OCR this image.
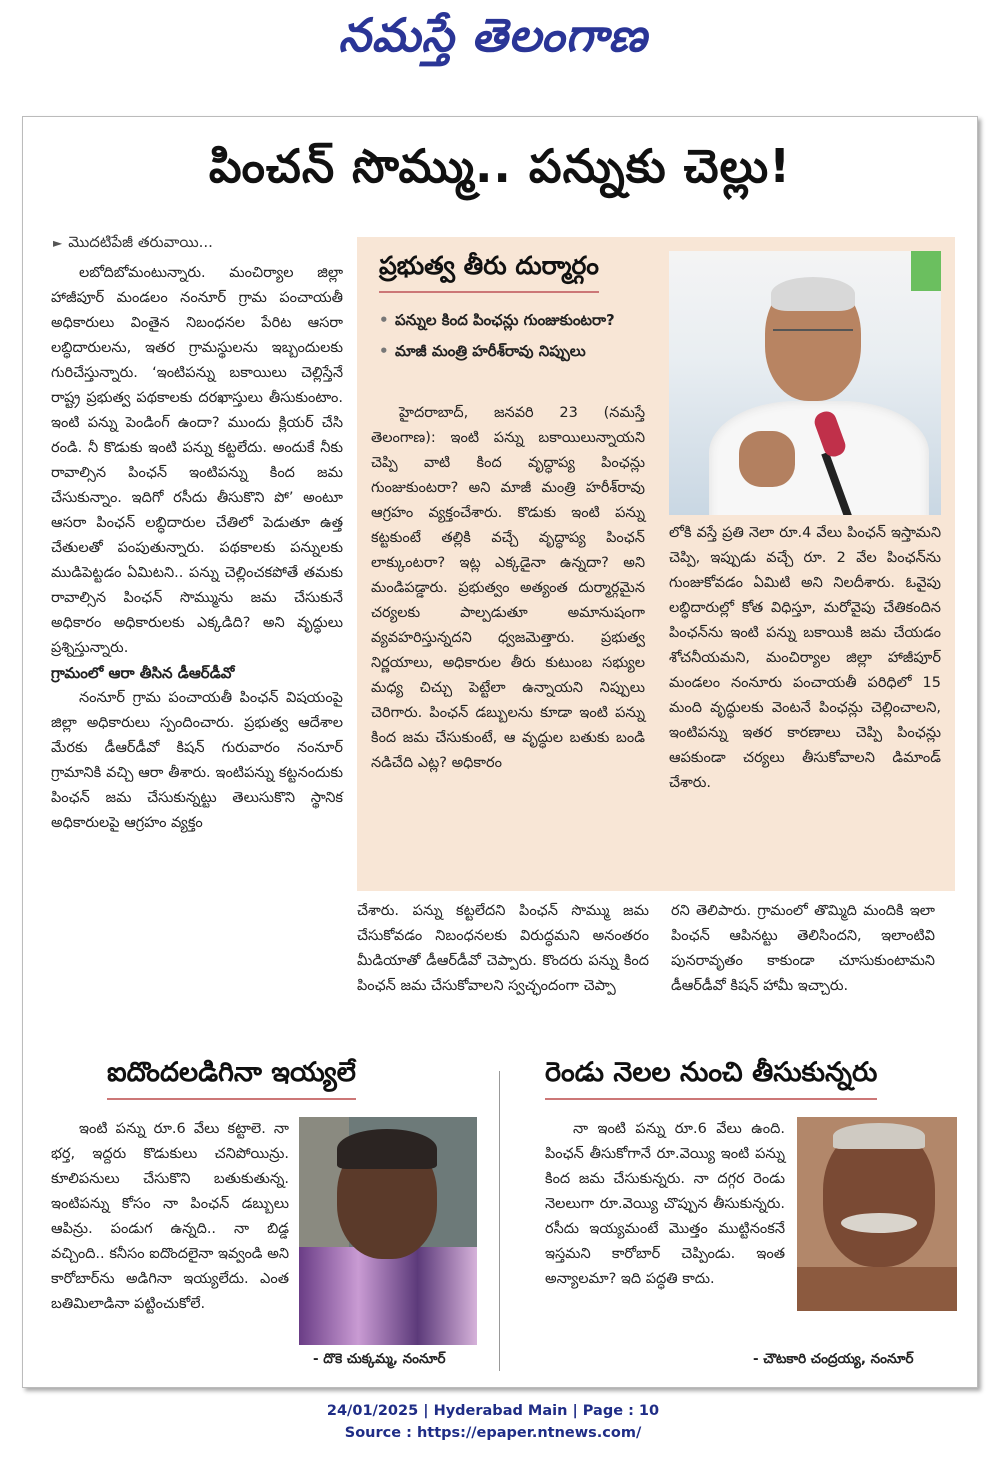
నమస్తే తెలంగాణ
పించన్ సొమ్ము.. పన్నుకు చెల్లు!
► మొదటిపేజీ తరువాయి...

లబోదిబోమంటున్నారు. మంచిర్యాల జిల్లా హాజీపూర్ మండలం నంనూర్ గ్రామ పంచాయతీ అధికారులు వింతైన నిబంధనల పేరిట ఆసరా లబ్ధిదారులను, ఇతర గ్రామస్థులను ఇబ్బందులకు గురిచేస్తున్నారు. ‘ఇంటిపన్ను బకాయిలు చెల్లిస్తేనే రాష్ట్ర ప్రభుత్వ పథకాలకు దరఖాస్తులు తీసుకుంటాం. ఇంటి పన్ను పెండింగ్ ఉందా? ముందు క్లియర్ చేసి రండి. నీ కొడుకు ఇంటి పన్ను కట్టలేదు. అందుకే నీకు రావాల్సిన పింఛన్ ఇంటిపన్ను కింద జమ చేసుకున్నాం. ఇదిగో రసీదు తీసుకొని పో’ అంటూ ఆసరా పింఛన్ లబ్ధిదారుల చేతిలో పెడుతూ ఉత్త చేతులతో పంపుతున్నారు. పథకాలకు పన్నులకు ముడిపెట్టడం ఏమిటని.. పన్ను చెల్లించకపోతే తమకు రావాల్సిన పింఛన్ సొమ్మును జమ చేసుకునే అధికారం అధికారులకు ఎక్కడిది? అని వృద్ధులు ప్రశ్నిస్తున్నారు.

గ్రామంలో ఆరా తీసిన డీఆర్‌డీవో

నంనూర్ గ్రామ పంచాయతీ పింఛన్ విషయంపై జిల్లా అధికారులు స్పందించారు. ప్రభుత్వ ఆదేశాల మేరకు డీఆర్‌డీవో కిషన్ గురువారం నంనూర్ గ్రామానికి వచ్చి ఆరా తీశారు. ఇంటిపన్ను కట్టనందుకు పింఛన్ జమ చేసుకున్నట్టు తెలుసుకొని స్థానిక అధికారులపై ఆగ్రహం వ్యక్తం

ప్రభుత్వ తీరు దుర్మార్గం
• పన్నుల కింద పింఛన్లు గుంజుకుంటరా?
• మాజీ మంత్రి హరీశ్‌రావు నిప్పులు

హైదరాబాద్, జనవరి 23 (నమస్తే తెలంగాణ): ఇంటి పన్ను బకాయిలున్నాయని చెప్పి వాటి కింద వృద్ధాప్య పింఛన్లు గుంజుకుంటరా? అని మాజీ మంత్రి హరీశ్‌రావు ఆగ్రహం వ్యక్తంచేశారు. కొడుకు ఇంటి పన్ను కట్టకుంటే తల్లికి వచ్చే వృద్ధాప్య పింఛన్ లాక్కుంటరా? ఇట్ల ఎక్కడైనా ఉన్నదా? అని మండిపడ్డారు. ప్రభుత్వం అత్యంత దుర్మార్గమైన చర్యలకు పాల్పడుతూ అమానుషంగా వ్యవహరిస్తున్నదని ధ్వజమెత్తారు. ప్రభుత్వ నిర్ణయాలు, అధికారుల తీరు కుటుంబ సభ్యుల మధ్య చిచ్చు పెట్టేలా ఉన్నాయని నిప్పులు చెరిగారు. పింఛన్ డబ్బులను కూడా ఇంటి పన్ను కింద జమ చేసుకుంటే, ఆ వృద్ధుల బతుకు బండి నడిచేది ఎట్ల? అధికారం

లోకి వస్తే ప్రతి నెలా రూ.4 వేలు పింఛన్ ఇస్తామని చెప్పి, ఇప్పుడు వచ్చే రూ. 2 వేల పింఛన్‌ను గుంజుకోవడం ఏమిటి అని నిలదీశారు. ఓవైపు లబ్ధిదారుల్లో కోత విధిస్తూ, మరోవైపు చేతికందిన పింఛన్‌ను ఇంటి పన్ను బకాయికి జమ చేయడం శోచనీయమని, మంచిర్యాల జిల్లా హాజీపూర్ మండలం నంనూరు పంచాయతీ పరిధిలో 15 మంది వృద్ధులకు వెంటనే పింఛన్లు చెల్లించాలని, ఇంటిపన్ను ఇతర కారణాలు చెప్పి పింఛన్లు ఆపకుండా చర్యలు తీసుకోవాలని డిమాండ్ చేశారు.

చేశారు. పన్ను కట్టలేదని పింఛన్ సొమ్ము జమ చేసుకోవడం నిబంధనలకు విరుద్ధమని అనంతరం మీడియాతో డీఆర్‌డీవో చెప్పారు. కొందరు పన్ను కింద పింఛన్ జమ చేసుకోవాలని స్వచ్ఛందంగా చెప్పా

రని తెలిపారు. గ్రామంలో తొమ్మిది మందికి ఇలా పింఛన్ ఆపినట్టు తెలిసిందని, ఇలాంటివి పునరావృతం కాకుండా చూసుకుంటామని డీఆర్‌డీవో కిషన్ హామీ ఇచ్చారు.

ఐదొందలడిగినా ఇయ్యలే

ఇంటి పన్ను రూ.6 వేలు కట్టాలె. నా భర్త, ఇద్దరు కొడుకులు చనిపోయిన్రు. కూలిపనులు చేసుకొని బతుకుతున్న. ఇంటిపన్ను కోసం నా పింఛన్ డబ్బులు ఆపిన్రు. పండుగ ఉన్నది.. నా బిడ్డ వచ్చింది.. కనీసం ఐదొందలైనా ఇవ్వండి అని కారోబార్‌ను అడిగినా ఇయ్యలేదు. ఎంత బతిమిలాడినా పట్టించుకోలే.

- దొకె చుక్కమ్మ, నంనూర్
రెండు నెలల నుంచి తీసుకున్నరు

నా ఇంటి పన్ను రూ.6 వేలు ఉంది. పింఛన్ తీసుకోగానే రూ.వెయ్యి ఇంటి పన్ను కింద జమ చేసుకున్నరు. నా దగ్గర రెండు నెలలుగా రూ.వెయ్యి చొప్పున తీసుకున్నరు. రసీదు ఇయ్యమంటే మొత్తం ముట్టినంకనే ఇస్తమని కారోబార్ చెప్పిండు. ఇంత అన్యాలమా? ఇది పద్ధతి కాదు.

- చౌటకారి చంద్రయ్య, నంనూర్
24/01/2025 | Hyderabad Main | Page : 10
Source : https://epaper.ntnews.com/
